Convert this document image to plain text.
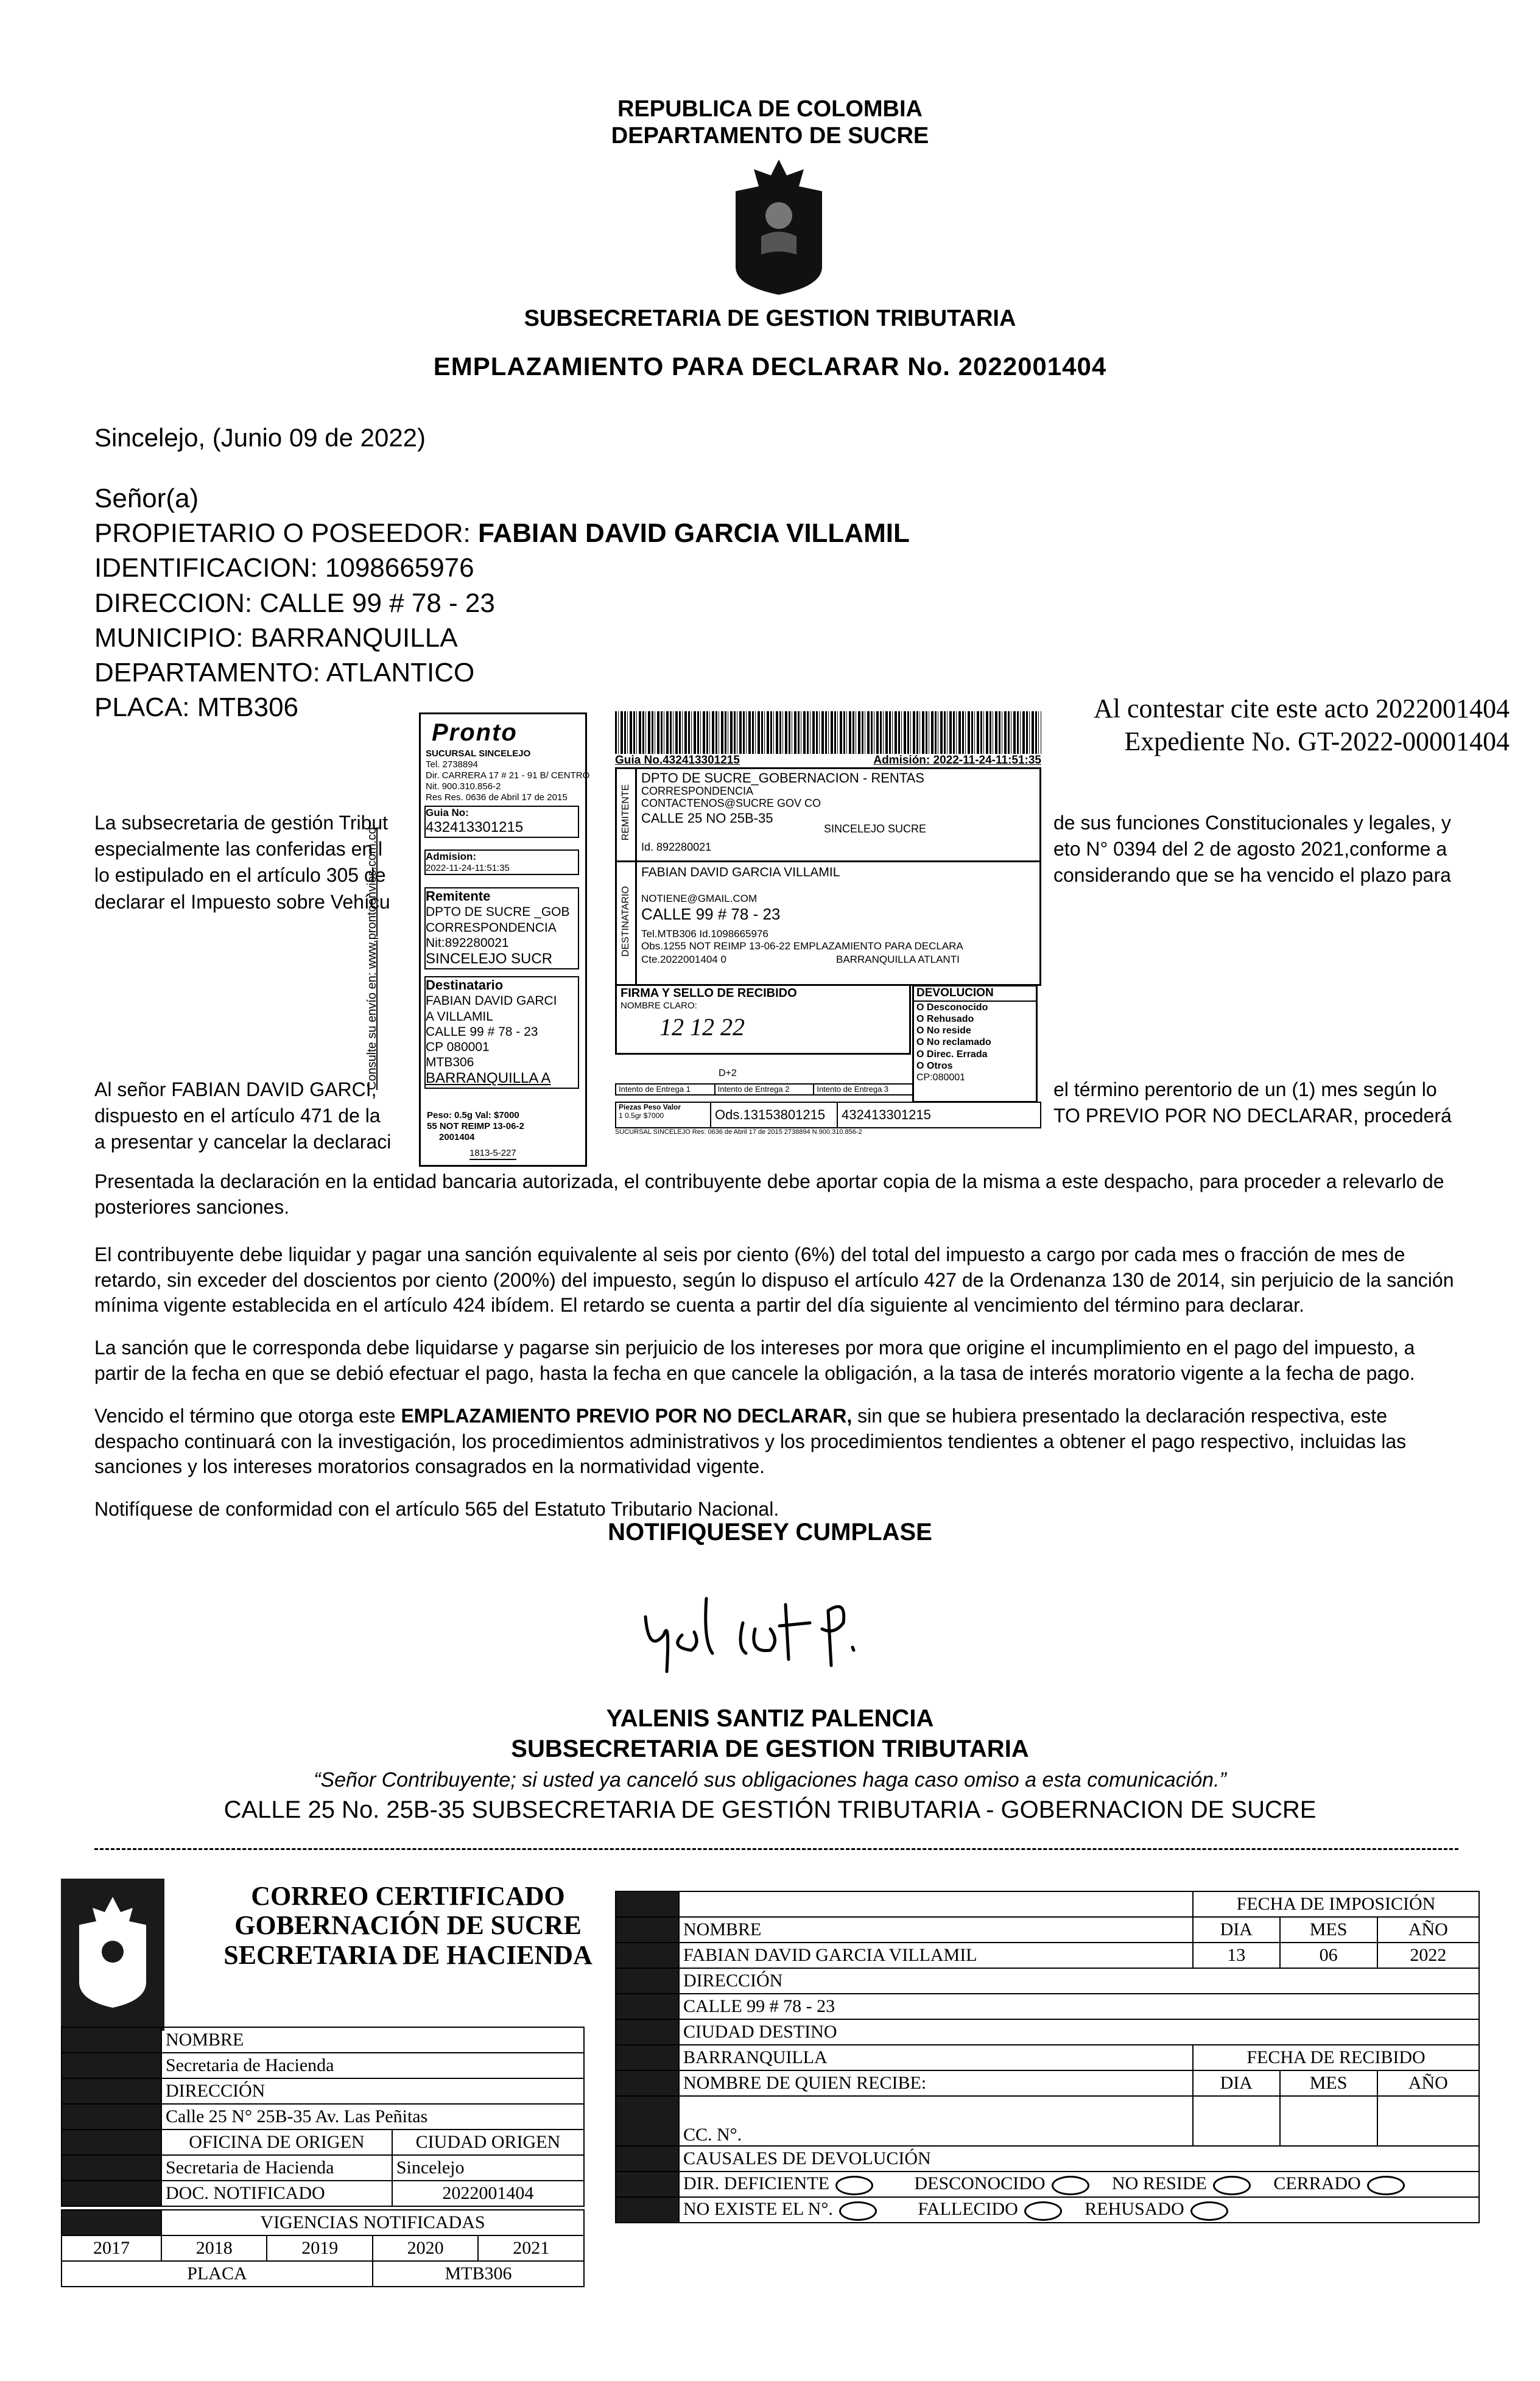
REPUBLICA DE COLOMBIA
DEPARTAMENTO DE SUCRE
SUBSECRETARIA DE GESTION TRIBUTARIA
EMPLAZAMIENTO PARA DECLARAR No. 2022001404
Sincelejo, (Junio 09 de 2022)
Señor(a)
PROPIETARIO O POSEEDOR: FABIAN DAVID GARCIA VILLAMIL
IDENTIFICACION: 1098665976
DIRECCION: CALLE 99 # 78 - 23
MUNICIPIO: BARRANQUILLA
DEPARTAMENTO: ATLANTICO
PLACA: MTB306	Al contestar cite este acto 2022001404
Expediente No. GT-2022-00001404
La subsecretaria de gestión Tribut
especialmente las conferidas en l
lo estipulado en el artículo 305 de
declarar el Impuesto sobre Vehícu
de sus funciones Constitucionales y legales, y
eto N° 0394 del 2 de agosto 2021,conforme a
considerando que se ha vencido el plazo para
Al señor FABIAN DAVID GARCI,
dispuesto en el artículo 471 de la
a presentar y cancelar la declaraci
el término perentorio de un (1) mes según lo
TO PREVIO POR NO DECLARAR, procederá
Pronto
SUCURSAL SINCELEJO
Tel. 2738894
Dir. CARRERA 17 # 21 - 91 B/ CENTRO
Nit. 900.310.856-2
Res Res. 0636 de Abril 17 de 2015
Guia No:
432413301215
Admision:
2022-11-24-11:51:35
Remitente
DPTO DE SUCRE _GOB
CORRESPONDENCIA
Nit:892280021
SINCELEJO SUCR
Destinatario
FABIAN DAVID GARCI
A VILLAMIL
CALLE 99 # 78 - 23
CP 080001
MTB306
BARRANQUILLA A
Peso: 0.5g Val: $7000
55 NOT REIMP 13-06-2
2001404
1813-5-227
Consulte su envío en: www.prontoenvios.com.co
Guia No.432413301215	Admisión: 2022-11-24-11:51:35
REMITENTE
DPTO DE SUCRE_GOBERNACION - RENTAS
CORRESPONDENCIA
CONTACTENOS@SUCRE GOV CO
CALLE 25 NO 25B-35
SINCELEJO SUCRE
Id. 892280021
DESTINATARIO
FABIAN DAVID GARCIA VILLAMIL
NOTIENE@GMAIL.COM
CALLE 99 # 78 - 23
Tel.MTB306 Id.1098665976
Obs.1255 NOT REIMP 13-06-22 EMPLAZAMIENTO PARA DECLARA
Cte.2022001404 0	BARRANQUILLA ATLANTI
FIRMA Y SELLO DE RECIBIDO
NOMBRE CLARO:
12 12 22
DEVOLUCION
O Desconocido
O Rehusado
O No reside
O No reclamado
O Direc. Errada
O Otros
CP:080001
D+2
Intento de Entrega 1	Intento de Entrega 2	Intento de Entrega 3
Piezas Peso Valor
1 0.5gr $7000	Ods.13153801215	432413301215
SUCURSAL SINCELEJO Res: 0636 de Abril 17 de 2015 2738894 N.900.310.856-2

Presentada la declaración en la entidad bancaria autorizada, el contribuyente debe aportar copia de la misma a este despacho, para proceder a relevarlo de posteriores sanciones.

El contribuyente debe liquidar y pagar una sanción equivalente al seis por ciento (6%) del total del impuesto a cargo por cada mes o fracción de mes de retardo, sin exceder del doscientos por ciento (200%) del impuesto, según lo dispuso el artículo 427 de la Ordenanza 130 de 2014, sin perjuicio de la sanción mínima vigente establecida en el artículo 424 ibídem. El retardo se cuenta a partir del día siguiente al vencimiento del término para declarar.

La sanción que le corresponda debe liquidarse y pagarse sin perjuicio de los intereses por mora que origine el incumplimiento en el pago del impuesto, a partir de la fecha en que se debió efectuar el pago, hasta la fecha en que cancele la obligación, a la tasa de interés moratorio vigente a la fecha de pago.

Vencido el término que otorga este EMPLAZAMIENTO PREVIO POR NO DECLARAR, sin que se hubiera presentado la declaración respectiva, este despacho continuará con la investigación, los procedimientos administrativos y los procedimientos tendientes a obtener el pago respectivo, incluidas las sanciones y los intereses moratorios consagrados en la normatividad vigente.

Notifíquese de conformidad con el artículo 565 del Estatuto Tributario Nacional.

NOTIFIQUESEY CUMPLASE
YALENIS SANTIZ PALENCIA
SUBSECRETARIA DE GESTION TRIBUTARIA
“Señor Contribuyente; si usted ya canceló sus obligaciones haga caso omiso a esta comunicación.”
CALLE 25 No. 25B-35 SUBSECRETARIA DE GESTIÓN TRIBUTARIA - GOBERNACION DE SUCRE
CORREO CERTIFICADO
GOBERNACIÓN DE SUCRE
SECRETARIA DE HACIENDA
	NOMBRE	
	Secretaria de Hacienda	
	DIRECCIÓN	
	Calle 25 N° 25B-35 Av. Las Peñitas	
	OFICINA DE ORIGEN	CIUDAD ORIGEN
	Secretaria de Hacienda	Sincelejo
	DOC. NOTIFICADO	2022001404
	VIGENCIAS NOTIFICADAS			
2017	2018	2019	2020	2021
PLACA			MTB306	
		FECHA DE IMPOSICIÓN		
	NOMBRE	DIA	MES	AÑO
	FABIAN DAVID GARCIA VILLAMIL	13	06	2022
	DIRECCIÓN			
	CALLE 99 # 78 - 23			
	CIUDAD DESTINO			
	BARRANQUILLA	FECHA DE RECIBIDO		
	NOMBRE DE QUIEN RECIBE:	DIA	MES	AÑO
	CC. N°.			
	CAUSALES DE DEVOLUCIÓN			
	DIR. DEFICIENTE DESCONOCIDO NO RESIDE CERRADO			
	NO EXISTE EL N°. FALLECIDO REHUSADO			
